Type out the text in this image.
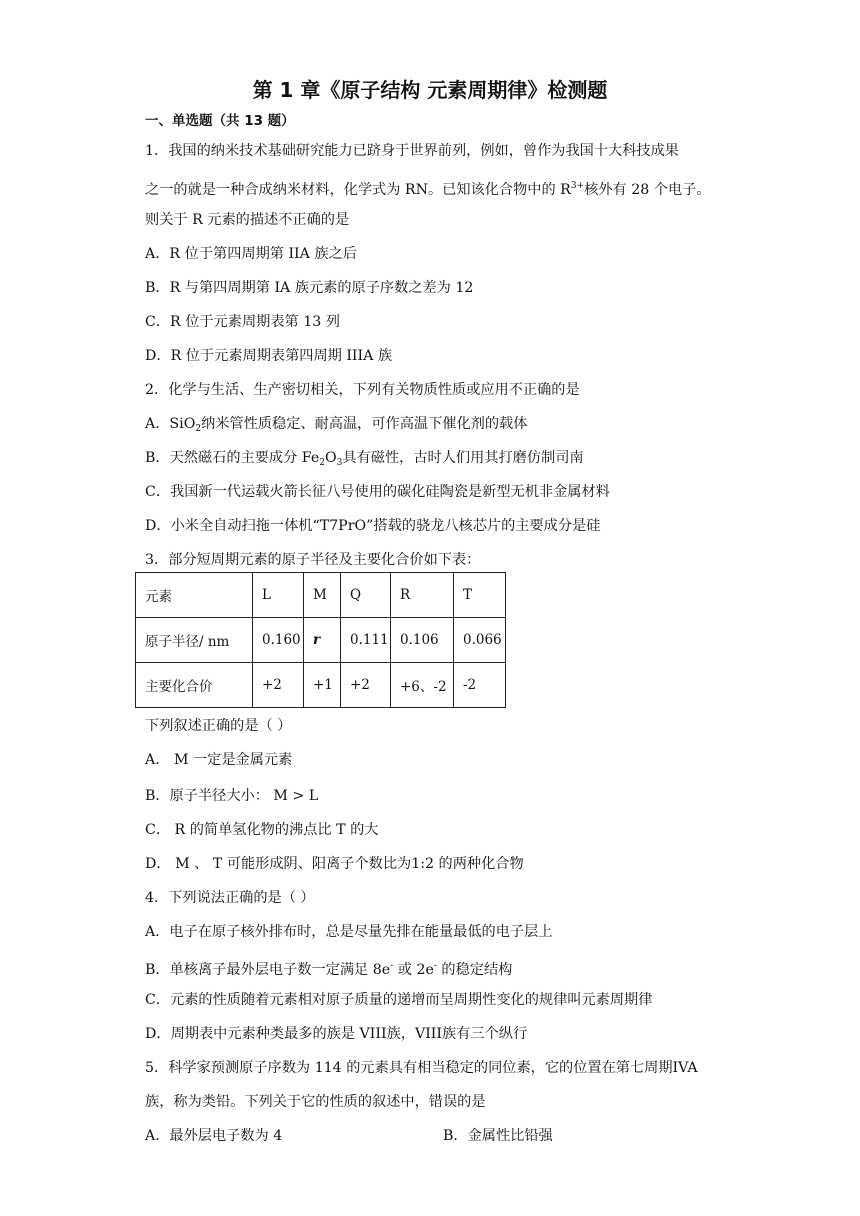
第 1 章《原子结构 元素周期律》检测题
一、单选题（共 13 题）
1．我国的纳米技术基础研究能力已跻身于世界前列，例如，曾作为我国十大科技成果
之一的就是一种合成纳米材料，化学式为 RN。已知该化合物中的 $R^{3+}$核外有 28 个电子。
则关于 R 元素的描述不正确的是
A．R 位于第四周期第 IIA 族之后
B．R 与第四周期第 IA 族元素的原子序数之差为 12
C．R 位于元素周期表第 13 列
D．R 位于元素周期表第四周期 IIIA 族
2．化学与生活、生产密切相关，下列有关物质性质或应用不正确的是
A．SiO$_2$纳米管性质稳定、耐高温，可作高温下催化剂的载体
B．天然磁石的主要成分 $Fe_2O_3$具有磁性，古时人们用其打磨仿制司南
C．我国新一代运载火箭长征八号使用的碳化硅陶瓷是新型无机非金属材料
D．小米全自动扫拖一体机“T7PrO”搭载的骁龙八核芯片的主要成分是硅
3．部分短周期元素的原子半径及主要化合价如下表：
元素	L	M	Q	R	T
原子半径/ nm	0.160	r	0.111	0.106	0.066
主要化合价	+2	+1	+2	+6、-2	-2
下列叙述正确的是（ ）
A． M 一定是金属元素
B．原子半径大小： M > L
C． R 的简单氢化物的沸点比 T 的大
D． M 、 T 可能形成阴、阳离子个数比为1:2 的两种化合物
4．下列说法正确的是（ ）
A．电子在原子核外排布时，总是尽量先排在能量最低的电子层上
B．单核离子最外层电子数一定满足 8e- 或 2e- 的稳定结构
C．元素的性质随着元素相对原子质量的递增而呈周期性变化的规律叫元素周期律
D．周期表中元素种类最多的族是 VIII族，VIII族有三个纵行
5．科学家预测原子序数为 114 的元素具有相当稳定的同位素，它的位置在第七周期IVA
族，称为类铅。下列关于它的性质的叙述中，错误的是
A．最外层电子数为 4	B．金属性比铅强
